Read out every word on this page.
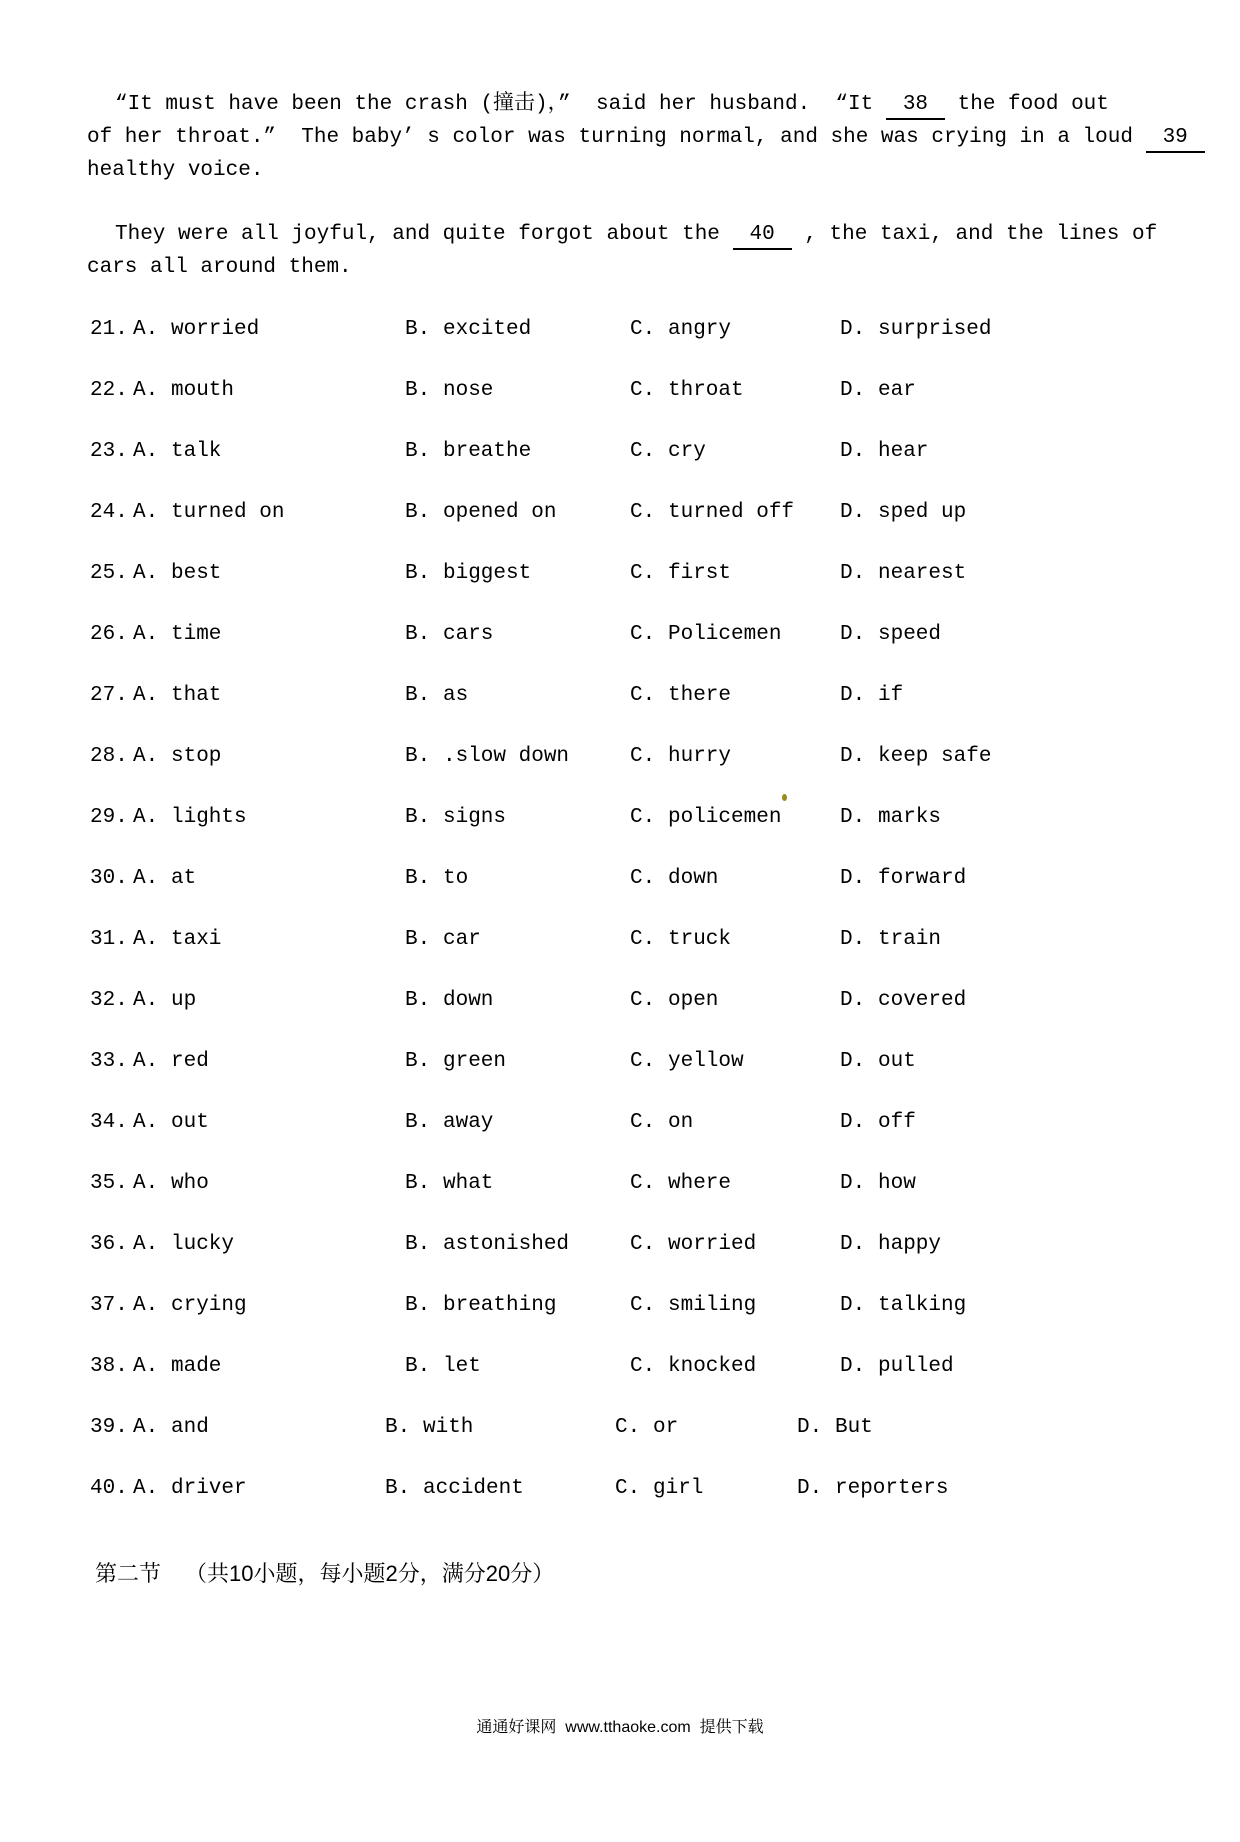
“It must have been the crash (撞击)，”  said her husband.  “It 38 the food out
of her throat.”  The baby’ s color was turning normal, and she was crying in a loud 39
healthy voice.
They were all joyful, and quite forgot about the 40 , the taxi, and the lines of
cars all around them.
21. A. worried	B. excited	C. angry	D. surprised
22. A. mouth	B. nose	C. throat	D. ear
23. A. talk	B. breathe	C. cry	D. hear
24. A. turned on	B. opened on	C. turned off	D. sped up
25. A. best	B. biggest	C. first	D. nearest
26. A. time	B. cars	C. Policemen	D. speed
27. A. that	B. as	C. there	D. if
28. A. stop	B. .slow down	C. hurry	D. keep safe
29. A. lights	B. signs	C. policemen	D. marks
30. A. at	B. to	C. down	D. forward
31. A. taxi	B. car	C. truck	D. train
32. A. up	B. down	C. open	D. covered
33. A. red	B. green	C. yellow	D. out
34. A. out	B. away	C. on	D. off
35. A. who	B. what	C. where	D. how
36. A. lucky	B. astonished	C. worried	D. happy
37. A. crying	B. breathing	C. smiling	D. talking
38. A. made	B. let	C. knocked	D. pulled
39. A. and	B. with	C. or	D. But
40. A. driver	B. accident	C. girl	D. reporters
第二节 （共10小题，每小题2分，满分20分）
通通好课网  www.tthaoke.com  提供下载
